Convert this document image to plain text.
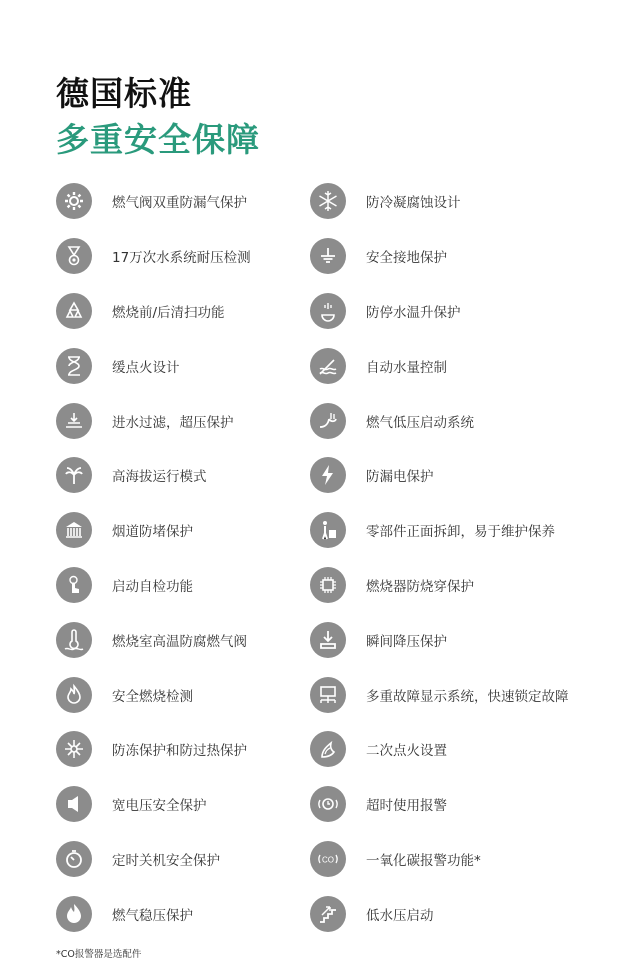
德国标准
多重安全保障
燃气阀双重防漏气保护	防冷凝腐蚀设计
17万次水系统耐压检测	安全接地保护
燃烧前/后清扫功能	防停水温升保护
缓点火设计	自动水量控制
进水过滤，超压保护	燃气低压启动系统
高海拔运行模式	防漏电保护
烟道防堵保护	零部件正面拆卸，易于维护保养
启动自检功能	燃烧器防烧穿保护
燃烧室高温防腐燃气阀	瞬间降压保护
安全燃烧检测	多重故障显示系统，快速锁定故障
防冻保护和防过热保护	二次点火设置
宽电压安全保护	超时使用报警
定时关机安全保护	CO 一氧化碳报警功能*
燃气稳压保护	低水压启动
*CO报警器是选配件
